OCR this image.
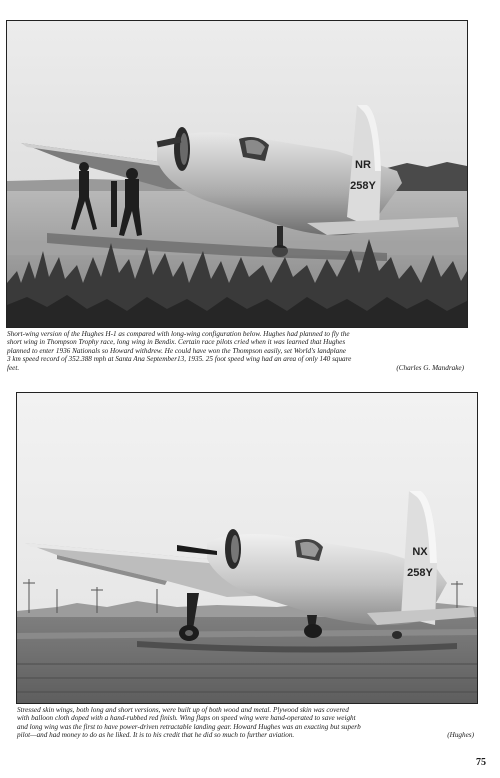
NR
258Y
Short-wing version of the Hughes H-1 as compared with long-wing configuration below. Hughes had planned to fly the
short wing in Thompson Trophy race, long wing in Bendix. Certain race pilots cried when it was learned that Hughes
planned to enter 1936 Nationals so Howard withdrew. He could have won the Thompson easily, set World's landplane
3 km speed record of 352.388 mph at Santa Ana September13, 1935. 25 foot speed wing had an area of only 140 square
feet.	(Charles G. Mandrake)
NX
258Y
Stressed skin wings, both long and short versions, were built up of both wood and metal. Plywood skin was covered
with balloon cloth doped with a hand-rubbed red finish. Wing flaps on speed wing were hand-operated to save weight
and long wing was the first to have power-driven retractable landing gear. Howard Hughes was an exacting but superb
pilot—and had money to do as he liked. It is to his credit that he did so much to further aviation.	(Hughes)
75
